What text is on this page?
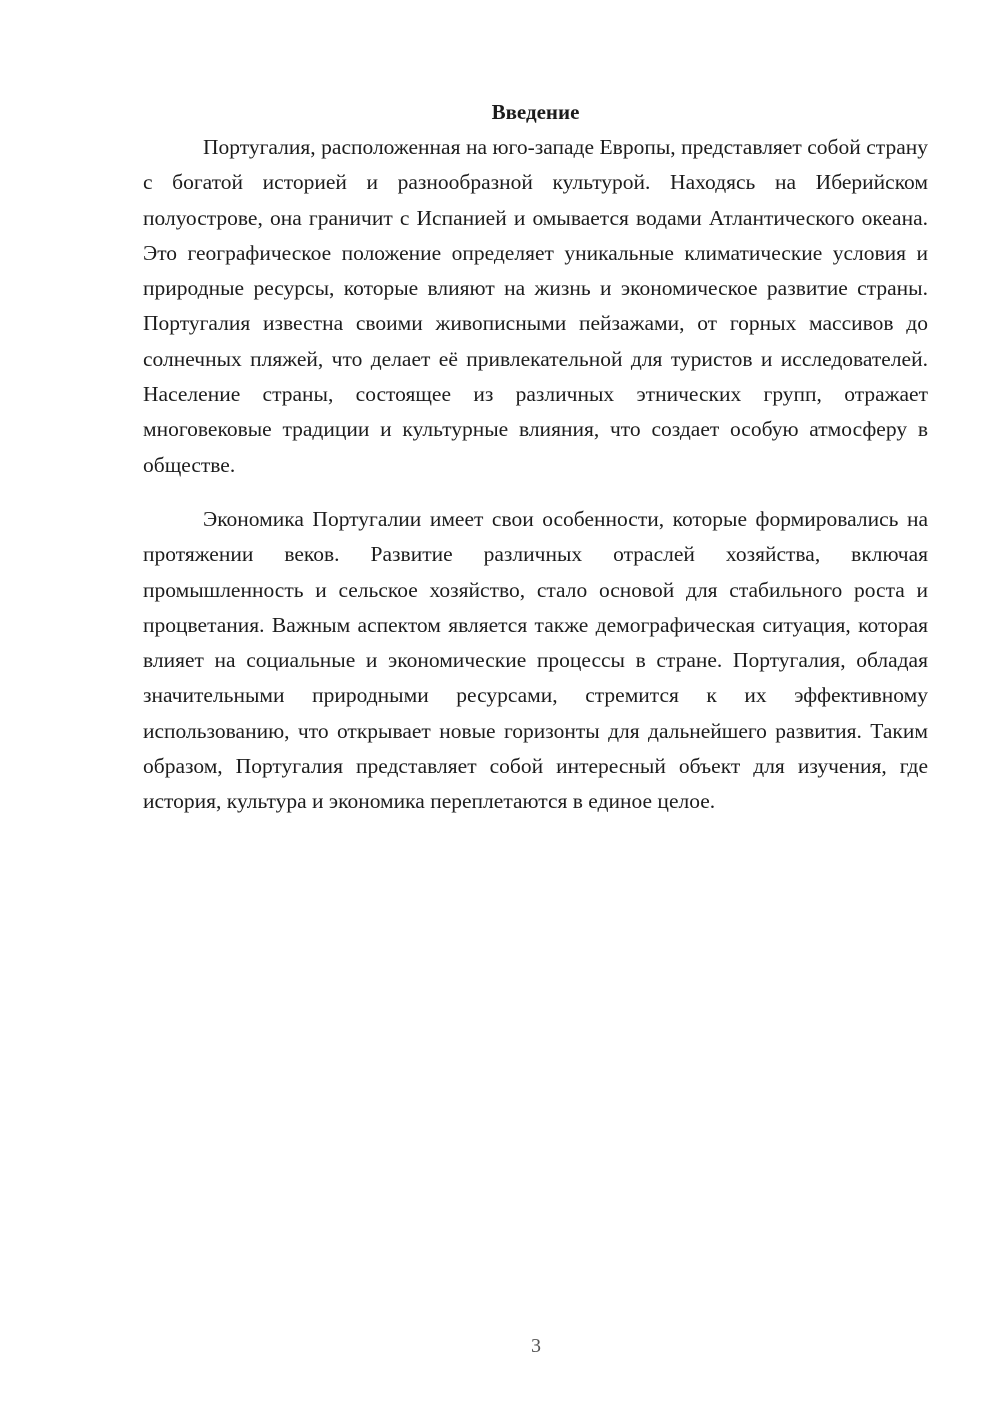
Введение

Португалия, расположенная на юго-западе Европы, представляет собой страну с богатой историей и разнообразной культурой. Находясь на Иберийском полуострове, она граничит с Испанией и омывается водами Атлантического океана. Это географическое положение определяет уникальные климатические условия и природные ресурсы, которые влияют на жизнь и экономическое развитие страны. Португалия известна своими живописными пейзажами, от горных массивов до солнечных пляжей, что делает её привлекательной для туристов и исследователей. Население страны, состоящее из различных этнических групп, отражает многовековые традиции и культурные влияния, что создает особую атмосферу в обществе.

Экономика Португалии имеет свои особенности, которые формировались на протяжении веков. Развитие различных отраслей хозяйства, включая промышленность и сельское хозяйство, стало основой для стабильного роста и процветания. Важным аспектом является также демографическая ситуация, которая влияет на социальные и экономические процессы в стране. Португалия, обладая значительными природными ресурсами, стремится к их эффективному использованию, что открывает новые горизонты для дальнейшего развития. Таким образом, Португалия представляет собой интересный объект для изучения, где история, культура и экономика переплетаются в единое целое.

3
